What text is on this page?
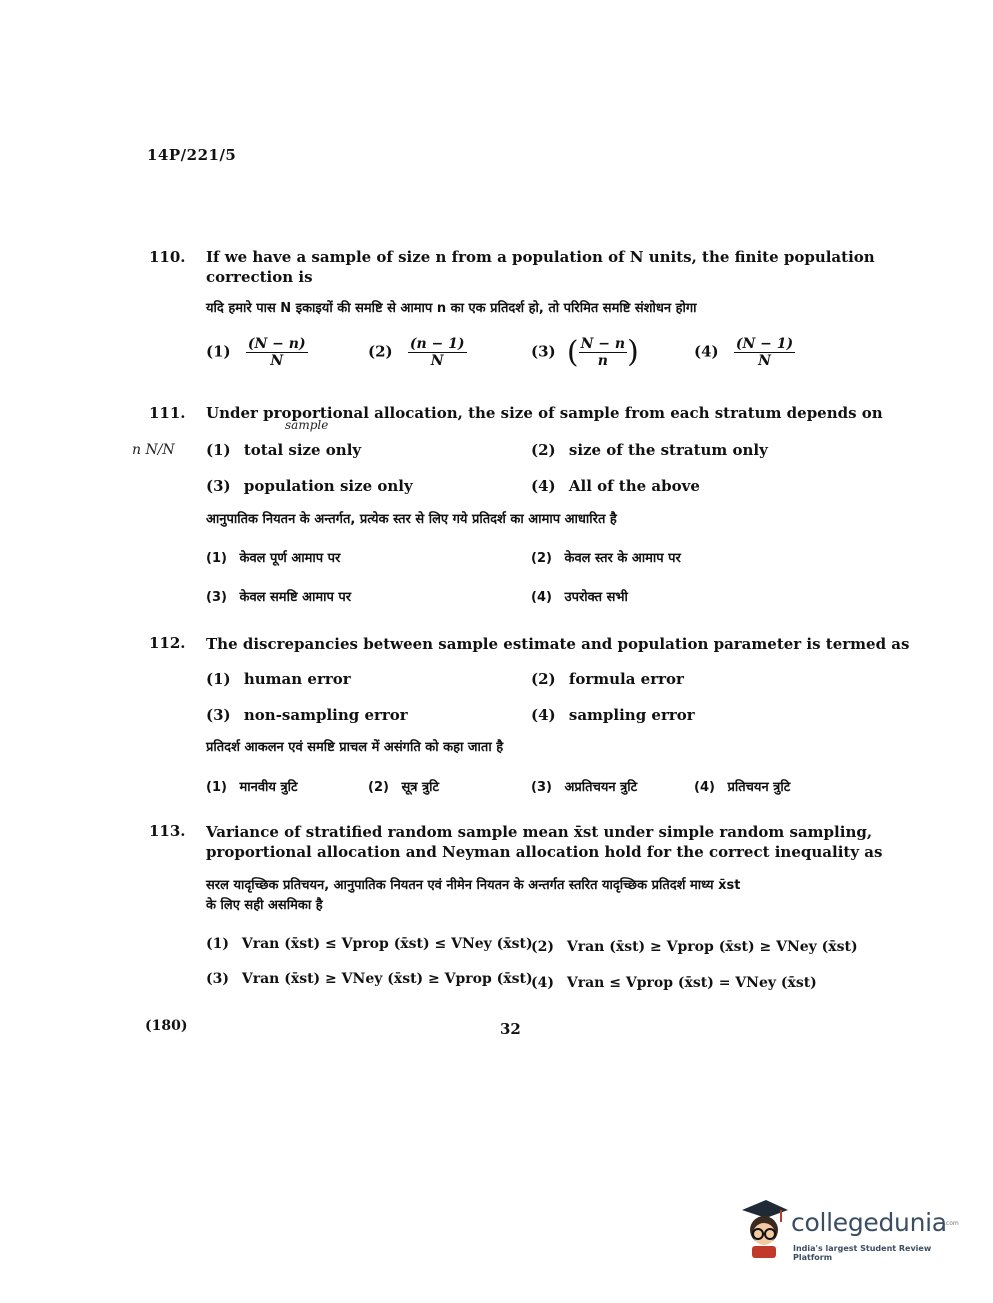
14P/221/5
110. If we have a sample of size n from a population of N units, the finite population
correction is
यदि हमारे पास N इकाइयों की समष्टि से आमाप n का एक प्रतिदर्श हो, तो परिमित समष्टि संशोधन होगा
$(1) \frac{(N - n)}{N}$	$(2) \frac{(n - 1)}{N}$	(3) ( $\frac{N - n}{n}$ )	$(4) \frac{(N - 1)}{N}$
111. Under proportional allocation, the size of sample from each stratum depends on
sample
n N/N (1) total size only	(2) size of the stratum only
(3) population size only	(4) All of the above
आनुपातिक नियतन के अन्तर्गत, प्रत्येक स्तर से लिए गये प्रतिदर्श का आमाप आधारित है
(1) केवल पूर्ण आमाप पर	(2) केवल स्तर के आमाप पर
(3) केवल समष्टि आमाप पर	(4) उपरोक्त सभी
112. The discrepancies between sample estimate and population parameter is termed as
(1) human error	(2) formula error
(3) non-sampling error	(4) sampling error
प्रतिदर्श आकलन एवं समष्टि प्राचल में असंगति को कहा जाता है
(1) मानवीय त्रुटि	(2) सूत्र त्रुटि	(3) अप्रतिचयन त्रुटि	(4) प्रतिचयन त्रुटि
113. Variance of stratified random sample mean x̄st under simple random sampling,
proportional allocation and Neyman allocation hold for the correct inequality as
सरल यादृच्छिक प्रतिचयन, आनुपातिक नियतन एवं नीमेन नियतन के अन्तर्गत स्तरित यादृच्छिक प्रतिदर्श माध्य x̄st
के लिए सही असमिका है
(1) Vran (x̄st) ≤ Vprop (x̄st) ≤ VNey (x̄st)
(2) Vran (x̄st) ≥ Vprop (x̄st) ≥ VNey (x̄st)
(3) Vran (x̄st) ≥ VNey (x̄st) ≥ Vprop (x̄st)
(4) Vran ≤ Vprop (x̄st) = VNey (x̄st)
(180)	32
collegedunia
.com
India's largest Student Review Platform
